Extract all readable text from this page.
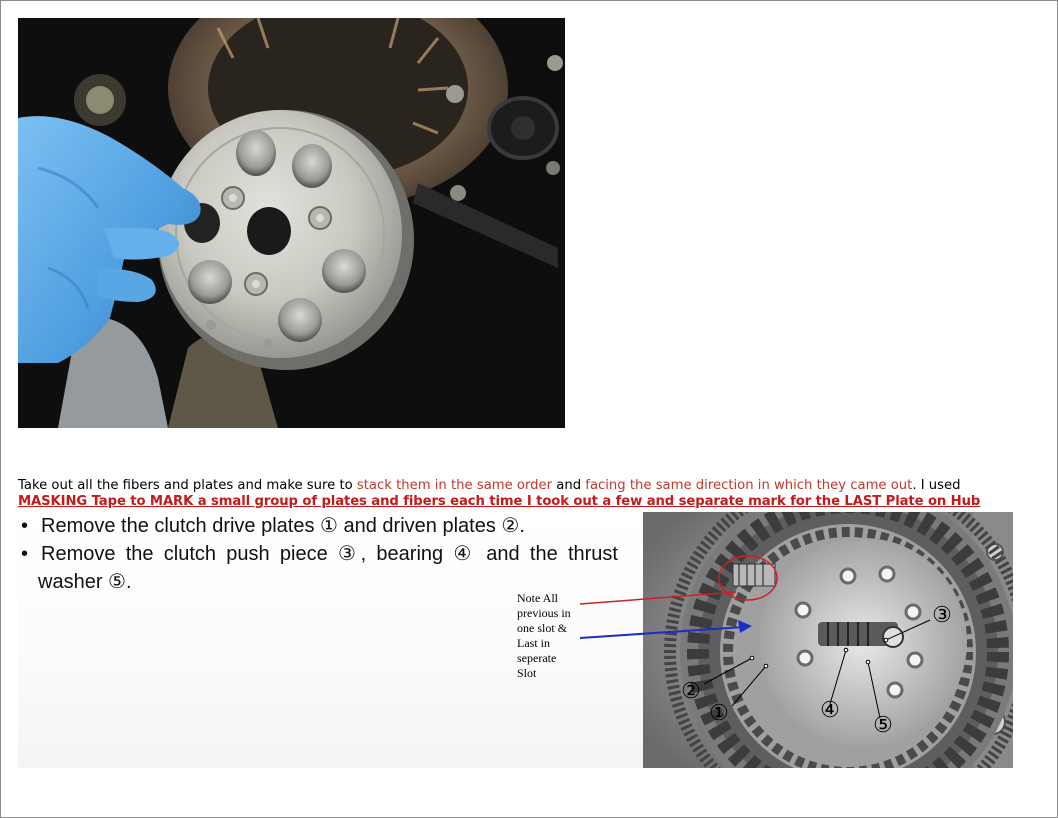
Take out all the fibers and plates and make sure to stack them in the same order and facing the same direction in which they came out. I used
MASKING Tape to MARK a small group of plates and fibers each time I took out a few and separate mark for the LAST Plate on Hub
• Remove the clutch drive plates ① and driven plates ②.
• Remove the clutch push piece ③, bearing ④ and the thrust
washer ⑤.
Note All
previous in
one slot &
Last in
seperate
Slot
①
②
③
④
⑤
